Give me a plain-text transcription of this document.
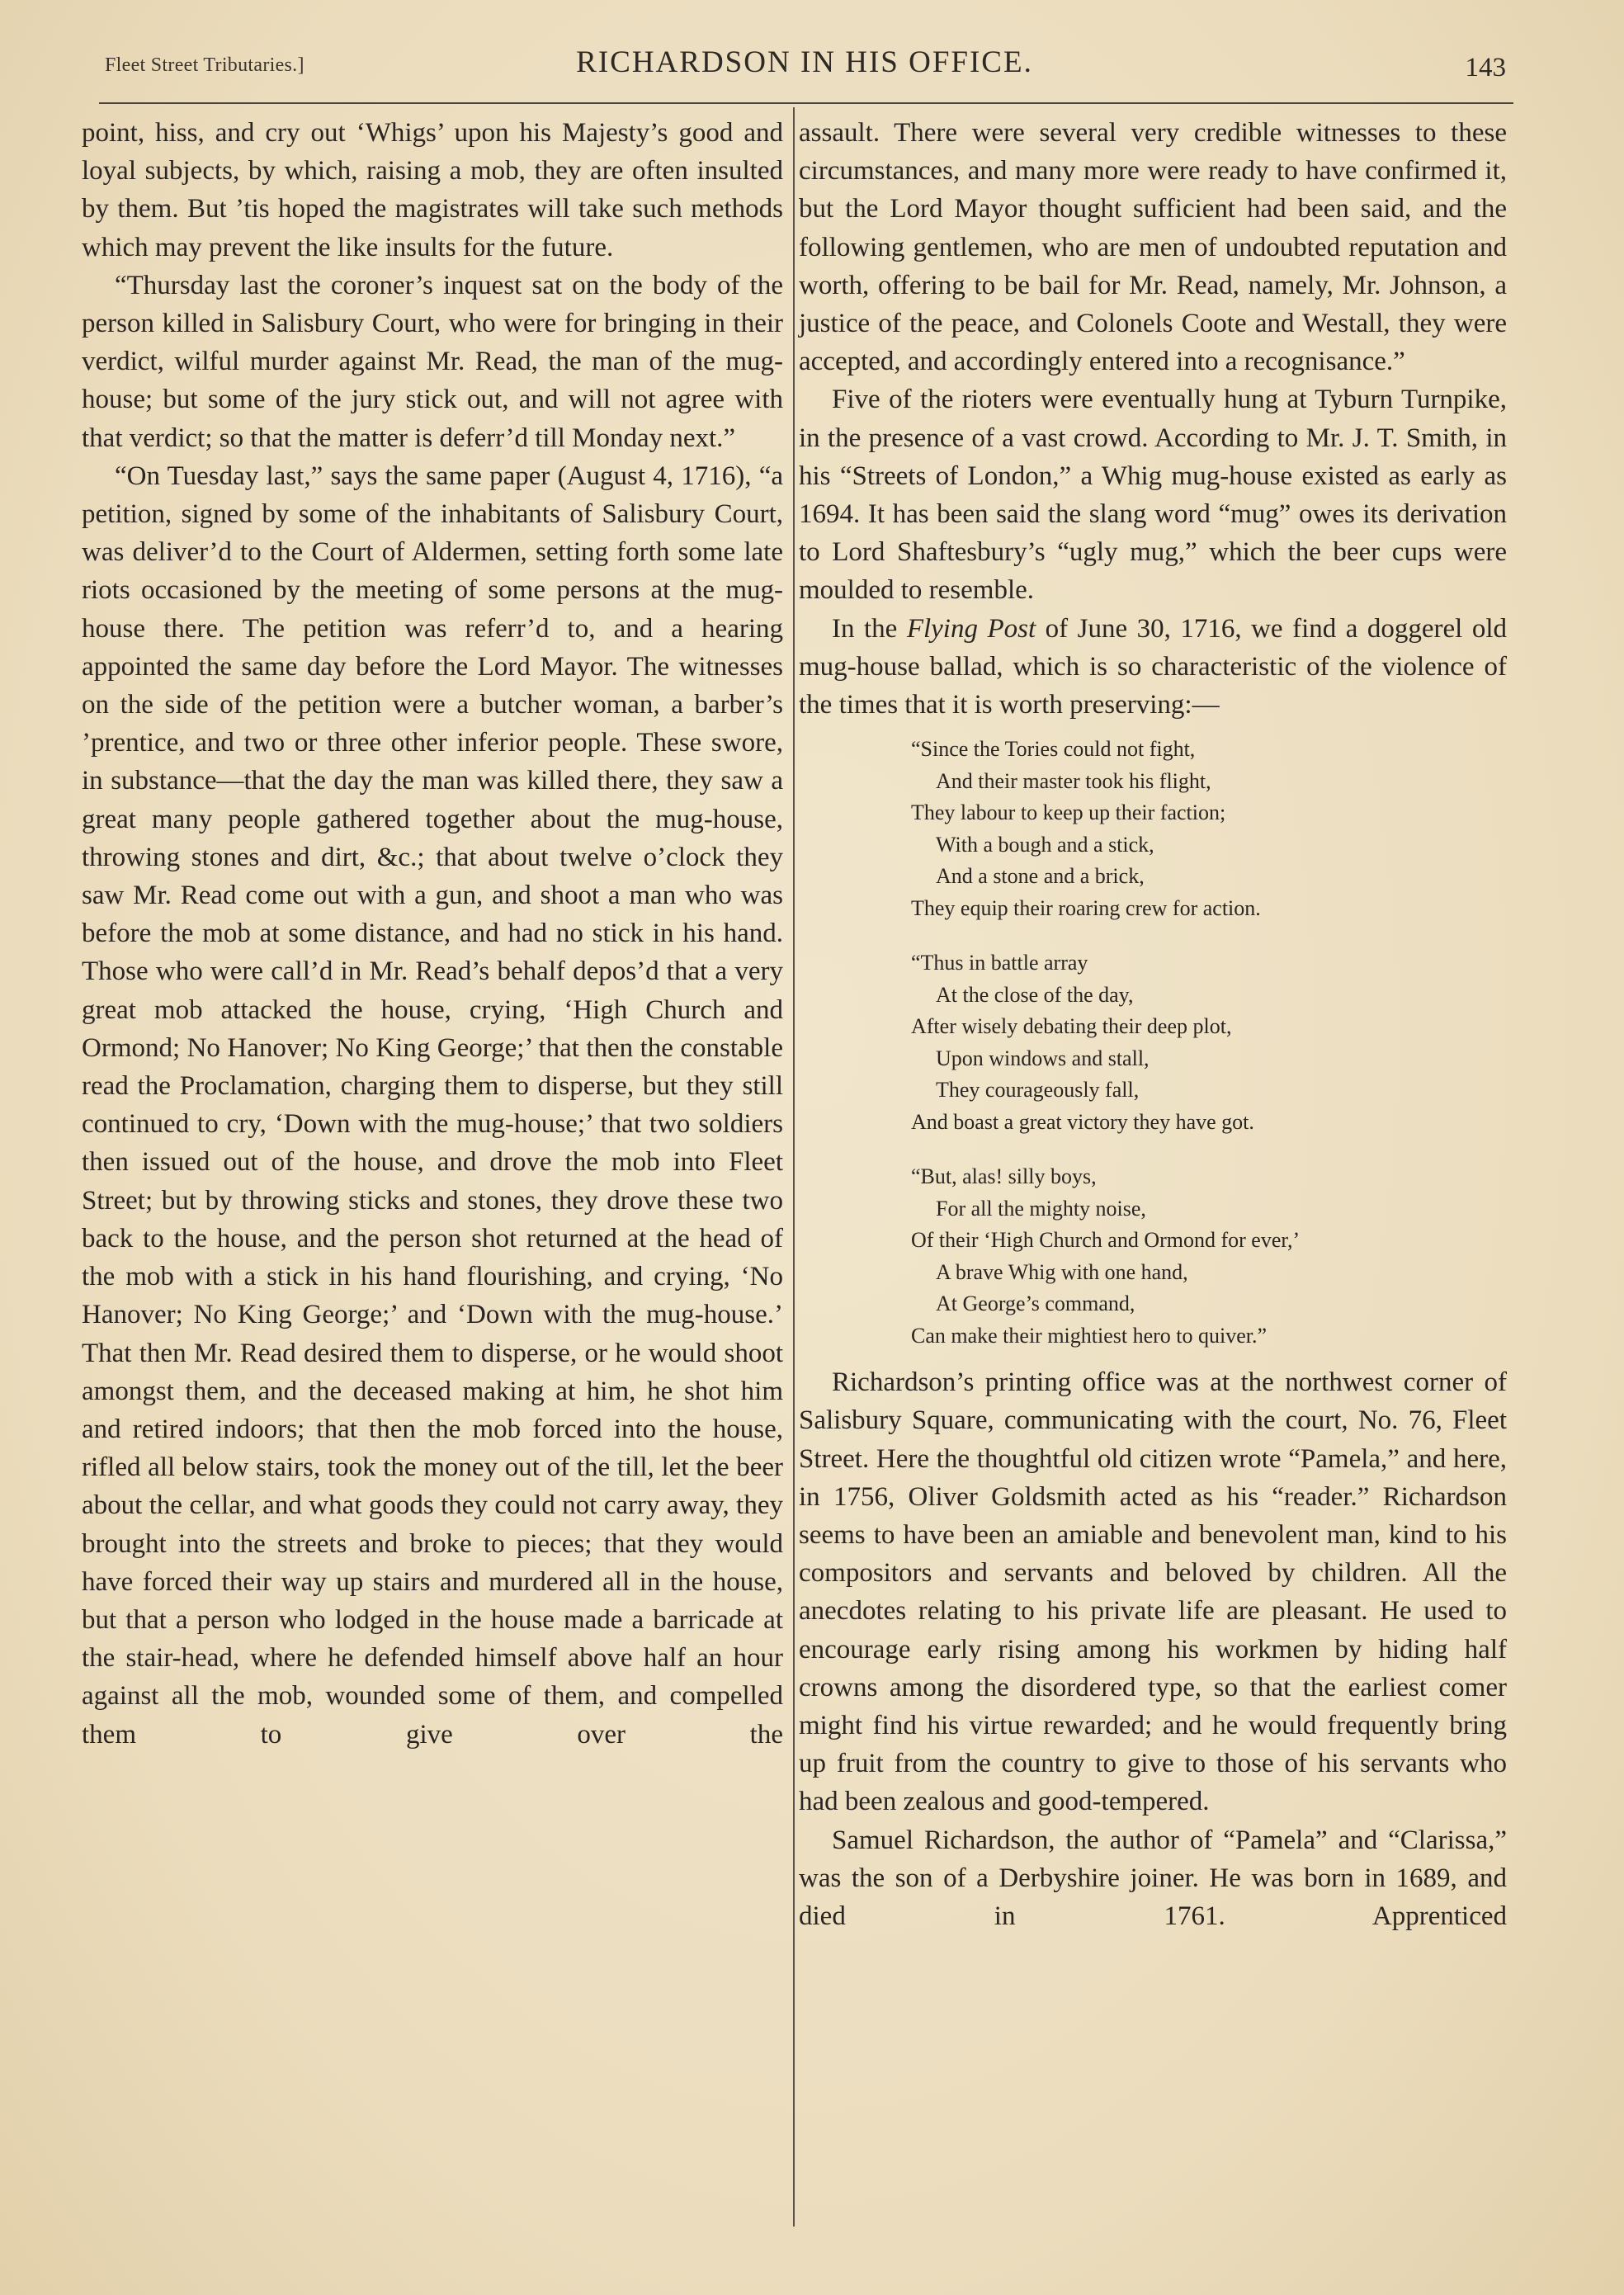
Fleet Street Tributaries.]	RICHARDSON IN HIS OFFICE.	143

point, hiss, and cry out ‘Whigs’ upon his Majesty’s good and loyal subjects, by which, raising a mob, they are often insulted by them. But ’tis hoped the magistrates will take such methods which may prevent the like insults for the future.

“Thursday last the coroner’s inquest sat on the body of the person killed in Salisbury Court, who were for bringing in their verdict, wilful murder against Mr. Read, the man of the mug-house; but some of the jury stick out, and will not agree with that verdict; so that the matter is deferr’d till Monday next.”

“On Tuesday last,” says the same paper (August 4, 1716), “a petition, signed by some of the inhabitants of Salisbury Court, was deliver’d to the Court of Aldermen, setting forth some late riots occasioned by the meeting of some persons at the mug-house there. The petition was referr’d to, and a hearing appointed the same day before the Lord Mayor. The witnesses on the side of the petition were a butcher woman, a barber’s ’prentice, and two or three other inferior people. These swore, in substance—that the day the man was killed there, they saw a great many people gathered together about the mug-house, throwing stones and dirt, &c.; that about twelve o’clock they saw Mr. Read come out with a gun, and shoot a man who was before the mob at some distance, and had no stick in his hand. Those who were call’d in Mr. Read’s behalf depos’d that a very great mob attacked the house, crying, ‘High Church and Ormond; No Hanover; No King George;’ that then the constable read the Proclamation, charging them to disperse, but they still continued to cry, ‘Down with the mug-house;’ that two soldiers then issued out of the house, and drove the mob into Fleet Street; but by throwing sticks and stones, they drove these two back to the house, and the person shot returned at the head of the mob with a stick in his hand flourishing, and crying, ‘No Hanover; No King George;’ and ‘Down with the mug-house.’ That then Mr. Read desired them to disperse, or he would shoot amongst them, and the deceased making at him, he shot him and retired indoors; that then the mob forced into the house, rifled all below stairs, took the money out of the till, let the beer about the cellar, and what goods they could not carry away, they brought into the streets and broke to pieces; that they would have forced their way up stairs and murdered all in the house, but that a person who lodged in the house made a barricade at the stair-head, where he defended himself above half an hour against all the mob, wounded some of them, and compelled them to give over the

assault. There were several very credible witnesses to these circumstances, and many more were ready to have confirmed it, but the Lord Mayor thought sufficient had been said, and the following gentlemen, who are men of undoubted reputation and worth, offering to be bail for Mr. Read, namely, Mr. Johnson, a justice of the peace, and Colonels Coote and Westall, they were accepted, and accordingly entered into a recognisance.”

Five of the rioters were eventually hung at Tyburn Turnpike, in the presence of a vast crowd. According to Mr. J. T. Smith, in his “Streets of London,” a Whig mug-house existed as early as 1694. It has been said the slang word “mug” owes its derivation to Lord Shaftesbury’s “ugly mug,” which the beer cups were moulded to resemble.

In the Flying Post of June 30, 1716, we find a doggerel old mug-house ballad, which is so characteristic of the violence of the times that it is worth preserving:—

“Since the Tories could not fight,
And their master took his flight,
They labour to keep up their faction;
With a bough and a stick,
And a stone and a brick,
They equip their roaring crew for action.
“Thus in battle array
At the close of the day,
After wisely debating their deep plot,
Upon windows and stall,
They courageously fall,
And boast a great victory they have got.
“But, alas! silly boys,
For all the mighty noise,
Of their ‘High Church and Ormond for ever,’
A brave Whig with one hand,
At George’s command,
Can make their mightiest hero to quiver.”

Richardson’s printing office was at the northwest corner of Salisbury Square, communicating with the court, No. 76, Fleet Street. Here the thoughtful old citizen wrote “Pamela,” and here, in 1756, Oliver Goldsmith acted as his “reader.” Richardson seems to have been an amiable and benevolent man, kind to his compositors and servants and beloved by children. All the anecdotes relating to his private life are pleasant. He used to encourage early rising among his workmen by hiding half crowns among the disordered type, so that the earliest comer might find his virtue rewarded; and he would frequently bring up fruit from the country to give to those of his servants who had been zealous and good-tempered.

Samuel Richardson, the author of “Pamela” and “Clarissa,” was the son of a Derbyshire joiner. He was born in 1689, and died in 1761. Apprenticed
